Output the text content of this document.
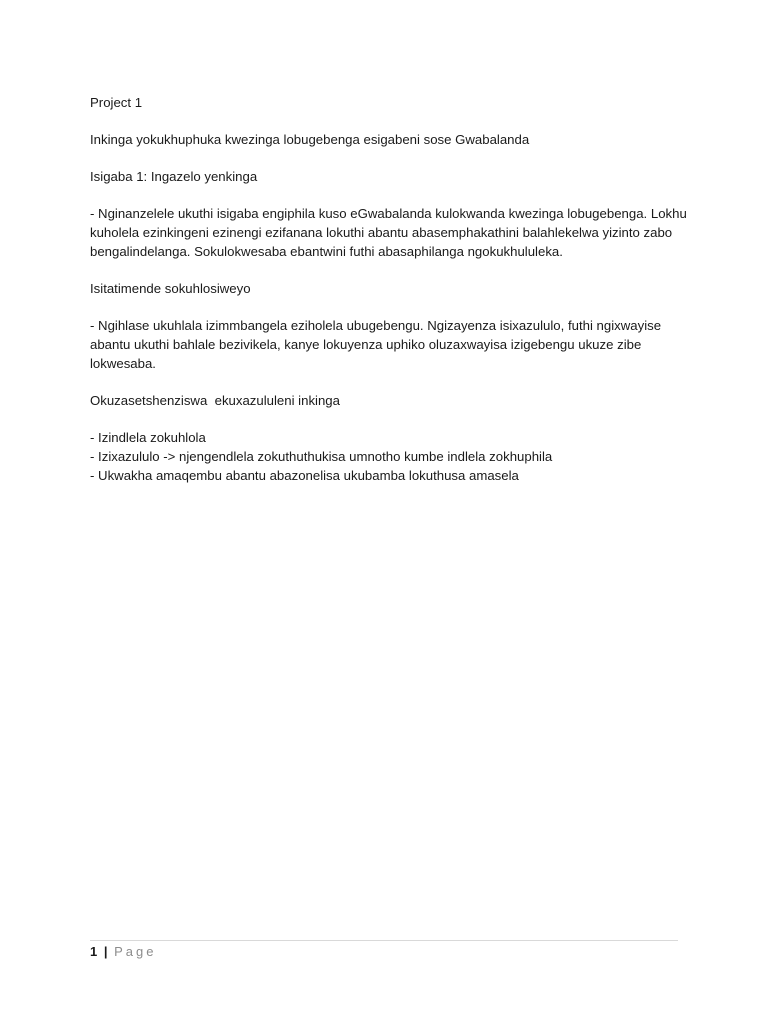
Project 1

Inkinga yokukhuphuka kwezinga lobugebenga esigabeni sose Gwabalanda

Isigaba 1: Ingazelo yenkinga

- Nginanzelele ukuthi isigaba engiphila kuso eGwabalanda kulokwanda kwezinga lobugebenga. Lokhu kuholela ezinkingeni ezinengi ezifanana lokuthi abantu abasemphakathini balahlekelwa yizinto zabo bengalindelanga. Sokulokwesaba ebantwini futhi abasaphilanga ngokukhululeka.

Isitatimende sokuhlosiweyo

- Ngihlase ukuhlala izimmbangela eziholela ubugebengu. Ngizayenza isixazululo, futhi ngixwayise abantu ukuthi bahlale bezivikela, kanye lokuyenza uphiko oluzaxwayisa izigebengu ukuze zibe lokwesaba.

Okuzasetshenziswa  ekuxazululeni inkinga

- Izindlela zokuhlola
- Izixazululo -> njengendlela zokuthuthukisa umnotho kumbe indlela zokhuphila
- Ukwakha amaqembu abantu abazonelisa ukubamba lokuthusa amasela

1 | Page
